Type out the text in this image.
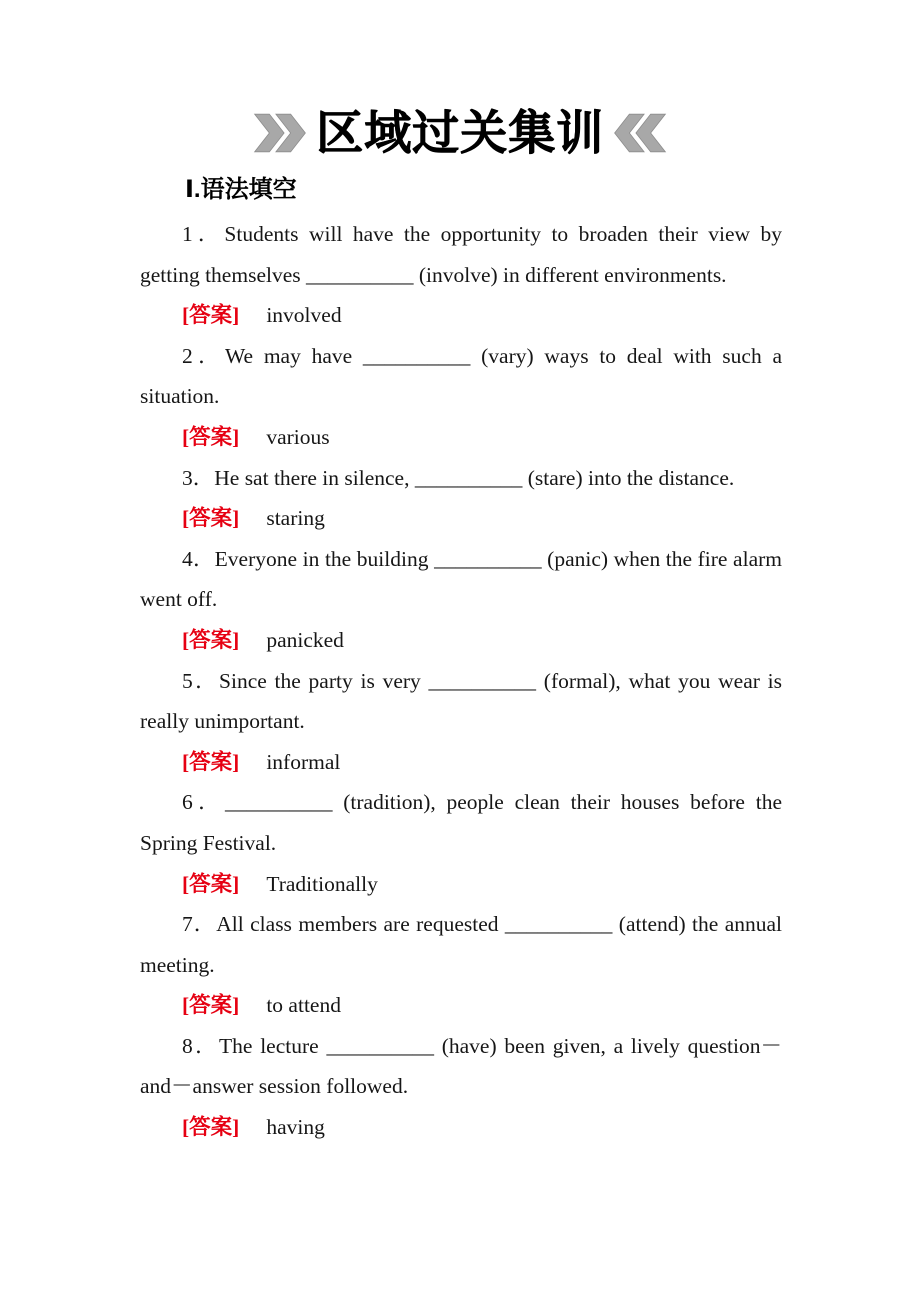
区域过关集训
Ⅰ.语法填空

1．Students will have the opportunity to broaden their view by getting themselves __________ (involve) in different environments.

[答案] involved

2．We may have __________ (vary) ways to deal with such a situation.

[答案] various

3．He sat there in silence, __________ (stare) into the distance.

[答案] staring

4．Everyone in the building __________ (panic) when the fire alarm went off.

[答案] panicked

5．Since the party is very __________ (formal), what you wear is really unimportant.

[答案] informal

6．__________ (tradition), people clean their houses before the Spring Festival.

[答案] Traditionally

7．All class members are requested __________ (attend) the annual meeting.

[答案] to attend

8．The lecture __________ (have) been given, a lively question－and－answer session followed.

[答案] having
